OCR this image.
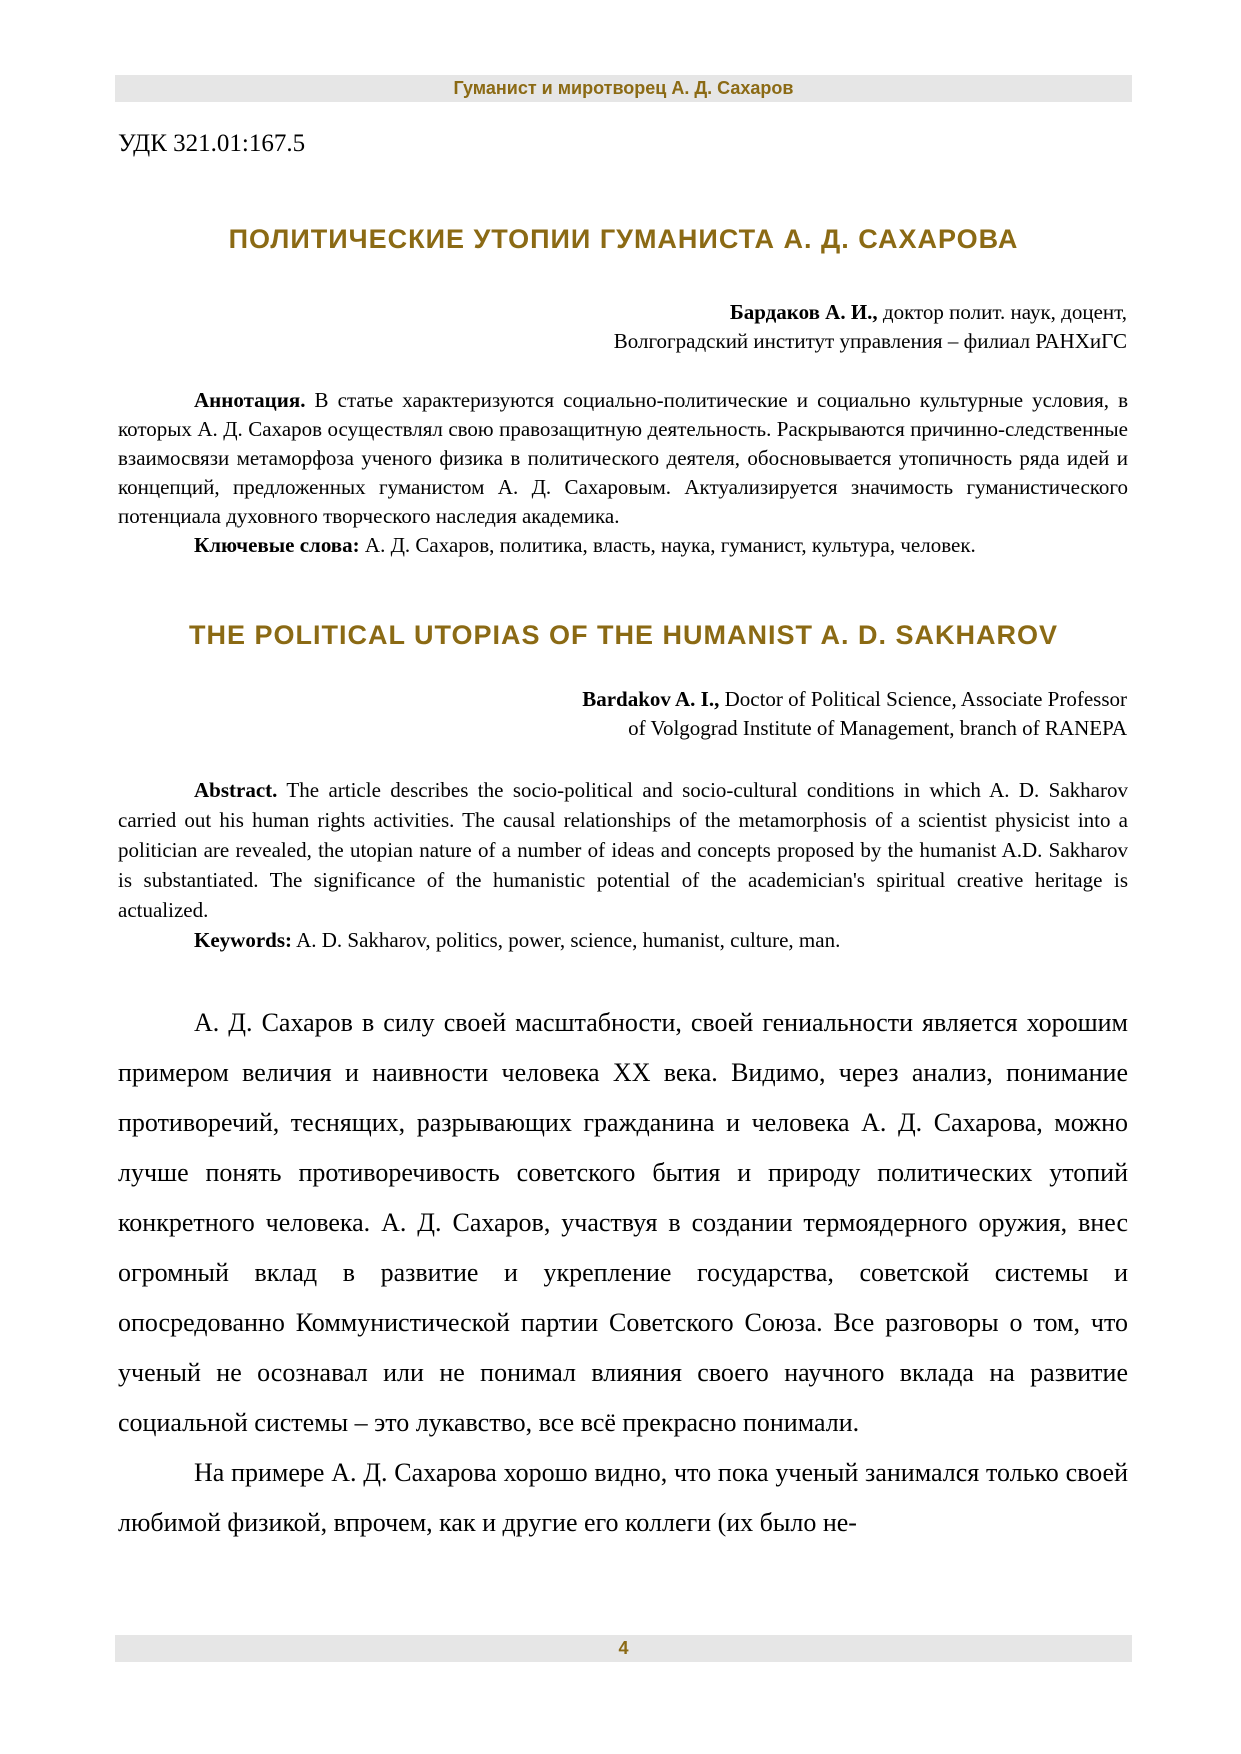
Гуманист и миротворец А. Д. Сахаров
УДК 321.01:167.5
ПОЛИТИЧЕСКИЕ УТОПИИ ГУМАНИСТА А. Д. САХАРОВА
Бардаков А. И., доктор полит. наук, доцент,
Волгоградский институт управления – филиал РАНХиГС

Аннотация. В статье характеризуются социально-политические и социально культурные условия, в которых А. Д. Сахаров осуществлял свою правозащитную деятельность. Раскрываются причинно-следственные взаимосвязи метаморфоза ученого физика в политического деятеля, обосновывается утопичность ряда идей и концепций, предложенных гуманистом А. Д. Сахаровым. Актуализируется значимость гуманистического потенциала духовного творческого наследия академика.

Ключевые слова: А. Д. Сахаров, политика, власть, наука, гуманист, культура, человек.

THE POLITICAL UTOPIAS OF THE HUMANIST A. D. SAKHAROV
Bardakov A. I., Doctor of Political Science, Associate Professor
of Volgograd Institute of Management, branch of RANEPA

Abstract. The article describes the socio-political and socio-cultural conditions in which A. D. Sakharov carried out his human rights activities. The causal relationships of the metamorphosis of a scientist physicist into a politician are revealed, the utopian nature of a number of ideas and concepts proposed by the humanist A.D. Sakharov is substantiated. The significance of the humanistic potential of the academician's spiritual creative heritage is actualized.

Keywords: A. D. Sakharov, politics, power, science, humanist, culture, man.

А. Д. Сахаров в силу своей масштабности, своей гениальности является хорошим примером величия и наивности человека XX века. Видимо, через анализ, понимание противоречий, теснящих, разрывающих гражданина и человека А. Д. Сахарова, можно лучше понять противоречивость советского бытия и природу политических утопий конкретного человека. А. Д. Сахаров, участвуя в создании термоядерного оружия, внес огромный вклад в развитие и укрепление государства, советской системы и опосредованно Коммунистической партии Советского Союза. Все разговоры о том, что ученый не осознавал или не понимал влияния своего научного вклада на развитие социальной системы – это лукавство, все всё прекрасно понимали.

На примере А. Д. Сахарова хорошо видно, что пока ученый занимался только своей любимой физикой, впрочем, как и другие его коллеги (их было не-

4
